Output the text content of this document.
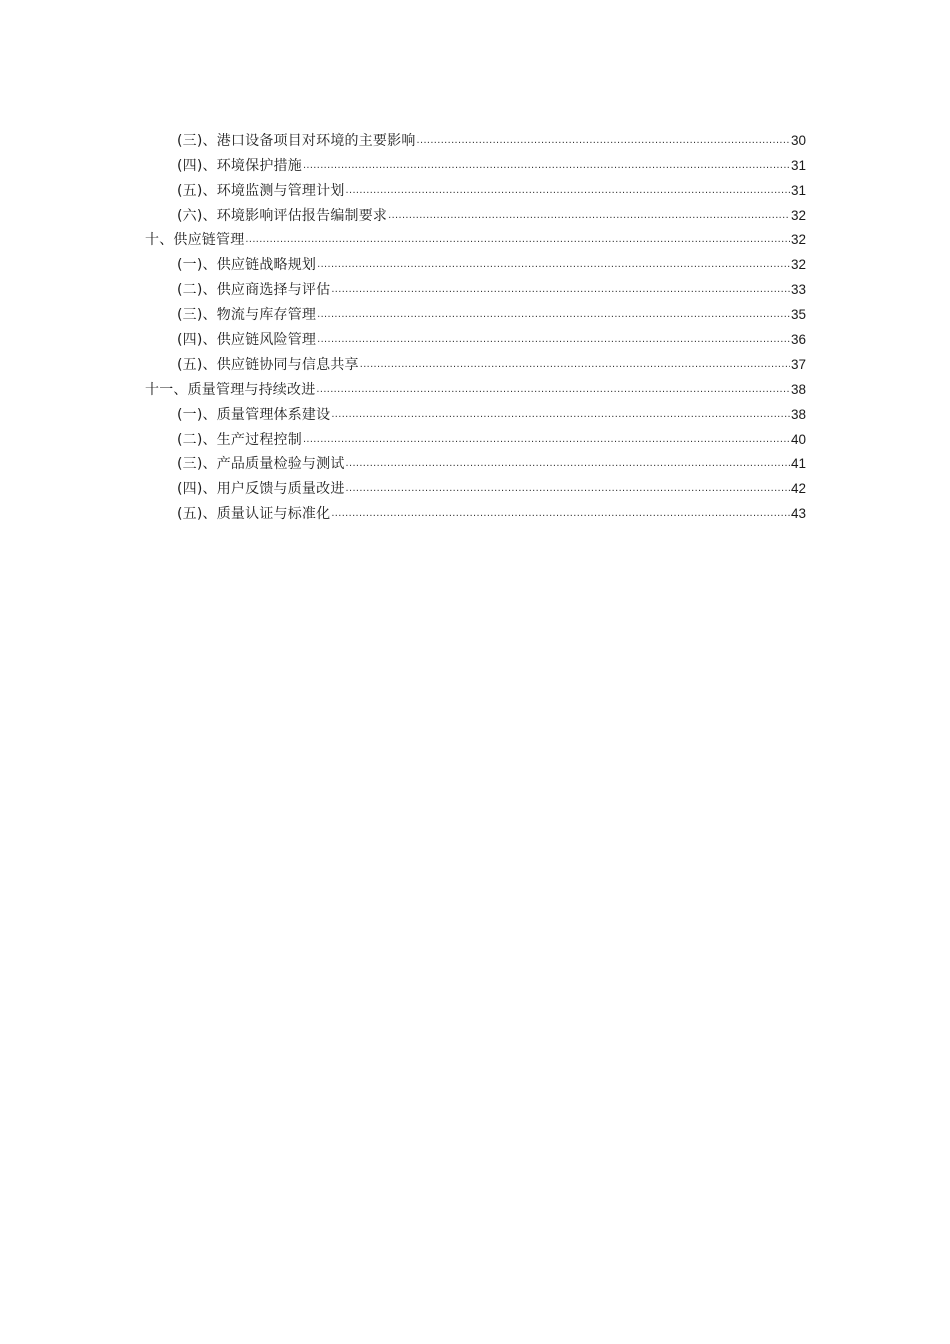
(三)、港口设备项目对环境的主要影响 .....	30
(四)、环境保护措施 .....	31
(五)、环境监测与管理计划 .....	31
(六)、环境影响评估报告编制要求 .....	32
十、供应链管理 .....	32
(一)、供应链战略规划 .....	32
(二)、供应商选择与评估 .....	33
(三)、物流与库存管理 .....	35
(四)、供应链风险管理 .....	36
(五)、供应链协同与信息共享 .....	37
十一、质量管理与持续改进 .....	38
(一)、质量管理体系建设 .....	38
(二)、生产过程控制 .....	40
(三)、产品质量检验与测试 .....	41
(四)、用户反馈与质量改进 .....	42
(五)、质量认证与标准化 .....	43
